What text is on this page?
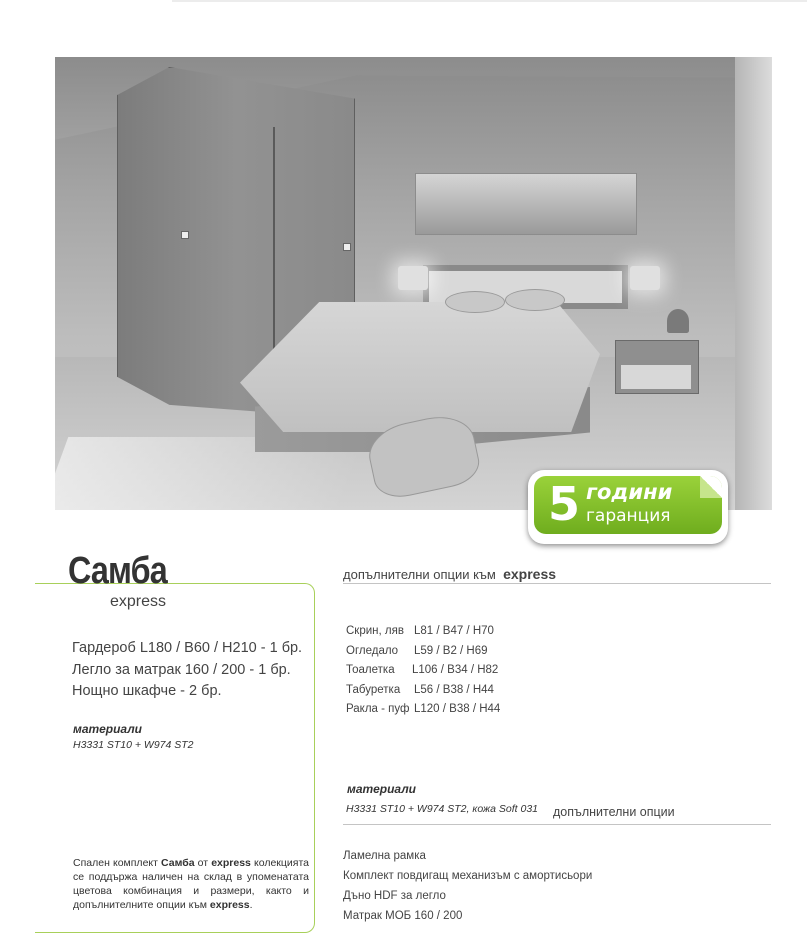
5 години
гаранция
Самба
express
Гардероб L180 / B60 / H210 - 1 бр.
Легло за матрак 160 / 200 - 1 бр.
Нощно шкафче - 2 бр.
материали
H3331 ST10 + W974 ST2
Спален комплект Самба от express колекцията се поддържа наличен на склад в упоменатата цветова комбинация и размери, както и допълнителните опции към express.
допълнителни опции към express
Скрин, ляв L81 / B47 / H70
Огледало L59 / B2 / H69
Тоалетка L106 / B34 / H82
Табуретка L56 / B38 / H44
Ракла - пуф L120 / B38 / H44
материали
H3331 ST10 + W974 ST2, кожа Soft 031 допълнителни опции
Ламелна рамка
Комплект повдигащ механизъм с амортисьори
Дъно HDF за легло
Матрак МОБ 160 / 200
